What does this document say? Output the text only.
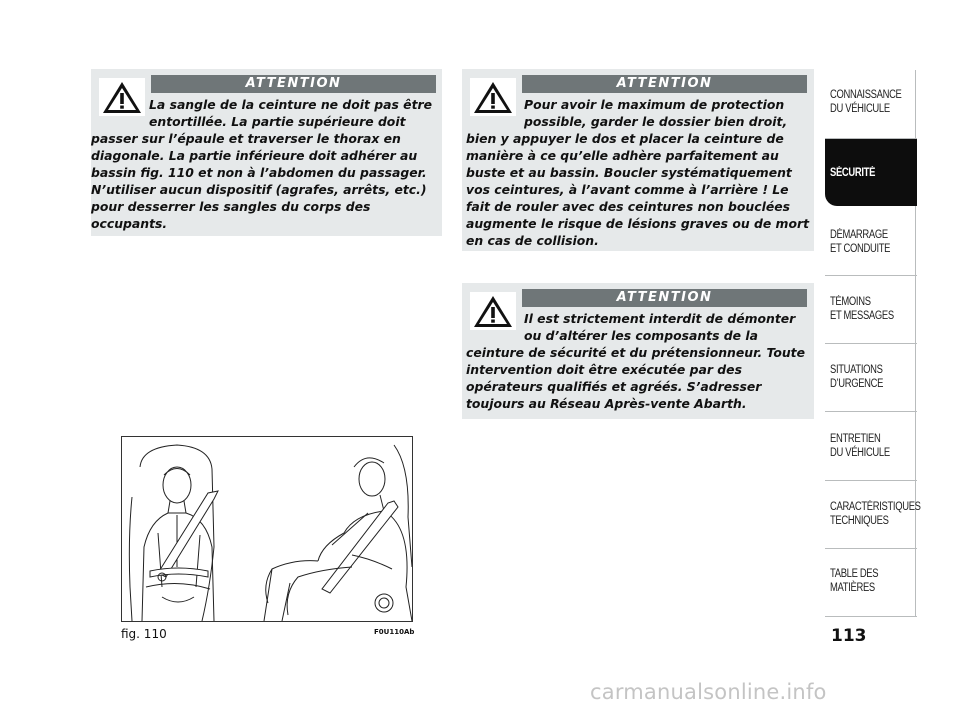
ATTENTION
La sangle de la ceinture ne doit pas être
entortillée. La partie supérieure doit
passer sur l’épaule et traverser le thorax en diagonale. La partie inférieure doit adhérer au bassin fig. 110 et non à l’abdomen du passager. N’utiliser aucun dispositif (agrafes, arrêts, etc.) pour desserrer les sangles du corps des occupants.
ATTENTION
Pour avoir le maximum de protection
possible, garder le dossier bien droit,
bien y appuyer le dos et placer la ceinture de manière à ce qu’elle adhère parfaitement au buste et au bassin. Boucler systématiquement vos ceintures, à l’avant comme à l’arrière ! Le fait de rouler avec des ceintures non bouclées augmente le risque de lésions graves ou de mort en cas de collision.
ATTENTION
Il est strictement interdit de démonter
ou d’altérer les composants de la
ceinture de sécurité et du prétensionneur. Toute intervention doit être exécutée par des opérateurs qualifiés et agréés. S’adresser toujours au Réseau Après-vente Abarth.
fig. 110	F0U110Ab
CONNAISSANCE
DU VÉHICULE
SÉCURITÉ
DÉMARRAGE
ET CONDUITE
TÉMOINS
ET MESSAGES
SITUATIONS
D’URGENCE
ENTRETIEN
DU VÉHICULE
CARACTÉRISTIQUES
TECHNIQUES
TABLE DES
MATIÈRES
113
carmanualsonline.info
